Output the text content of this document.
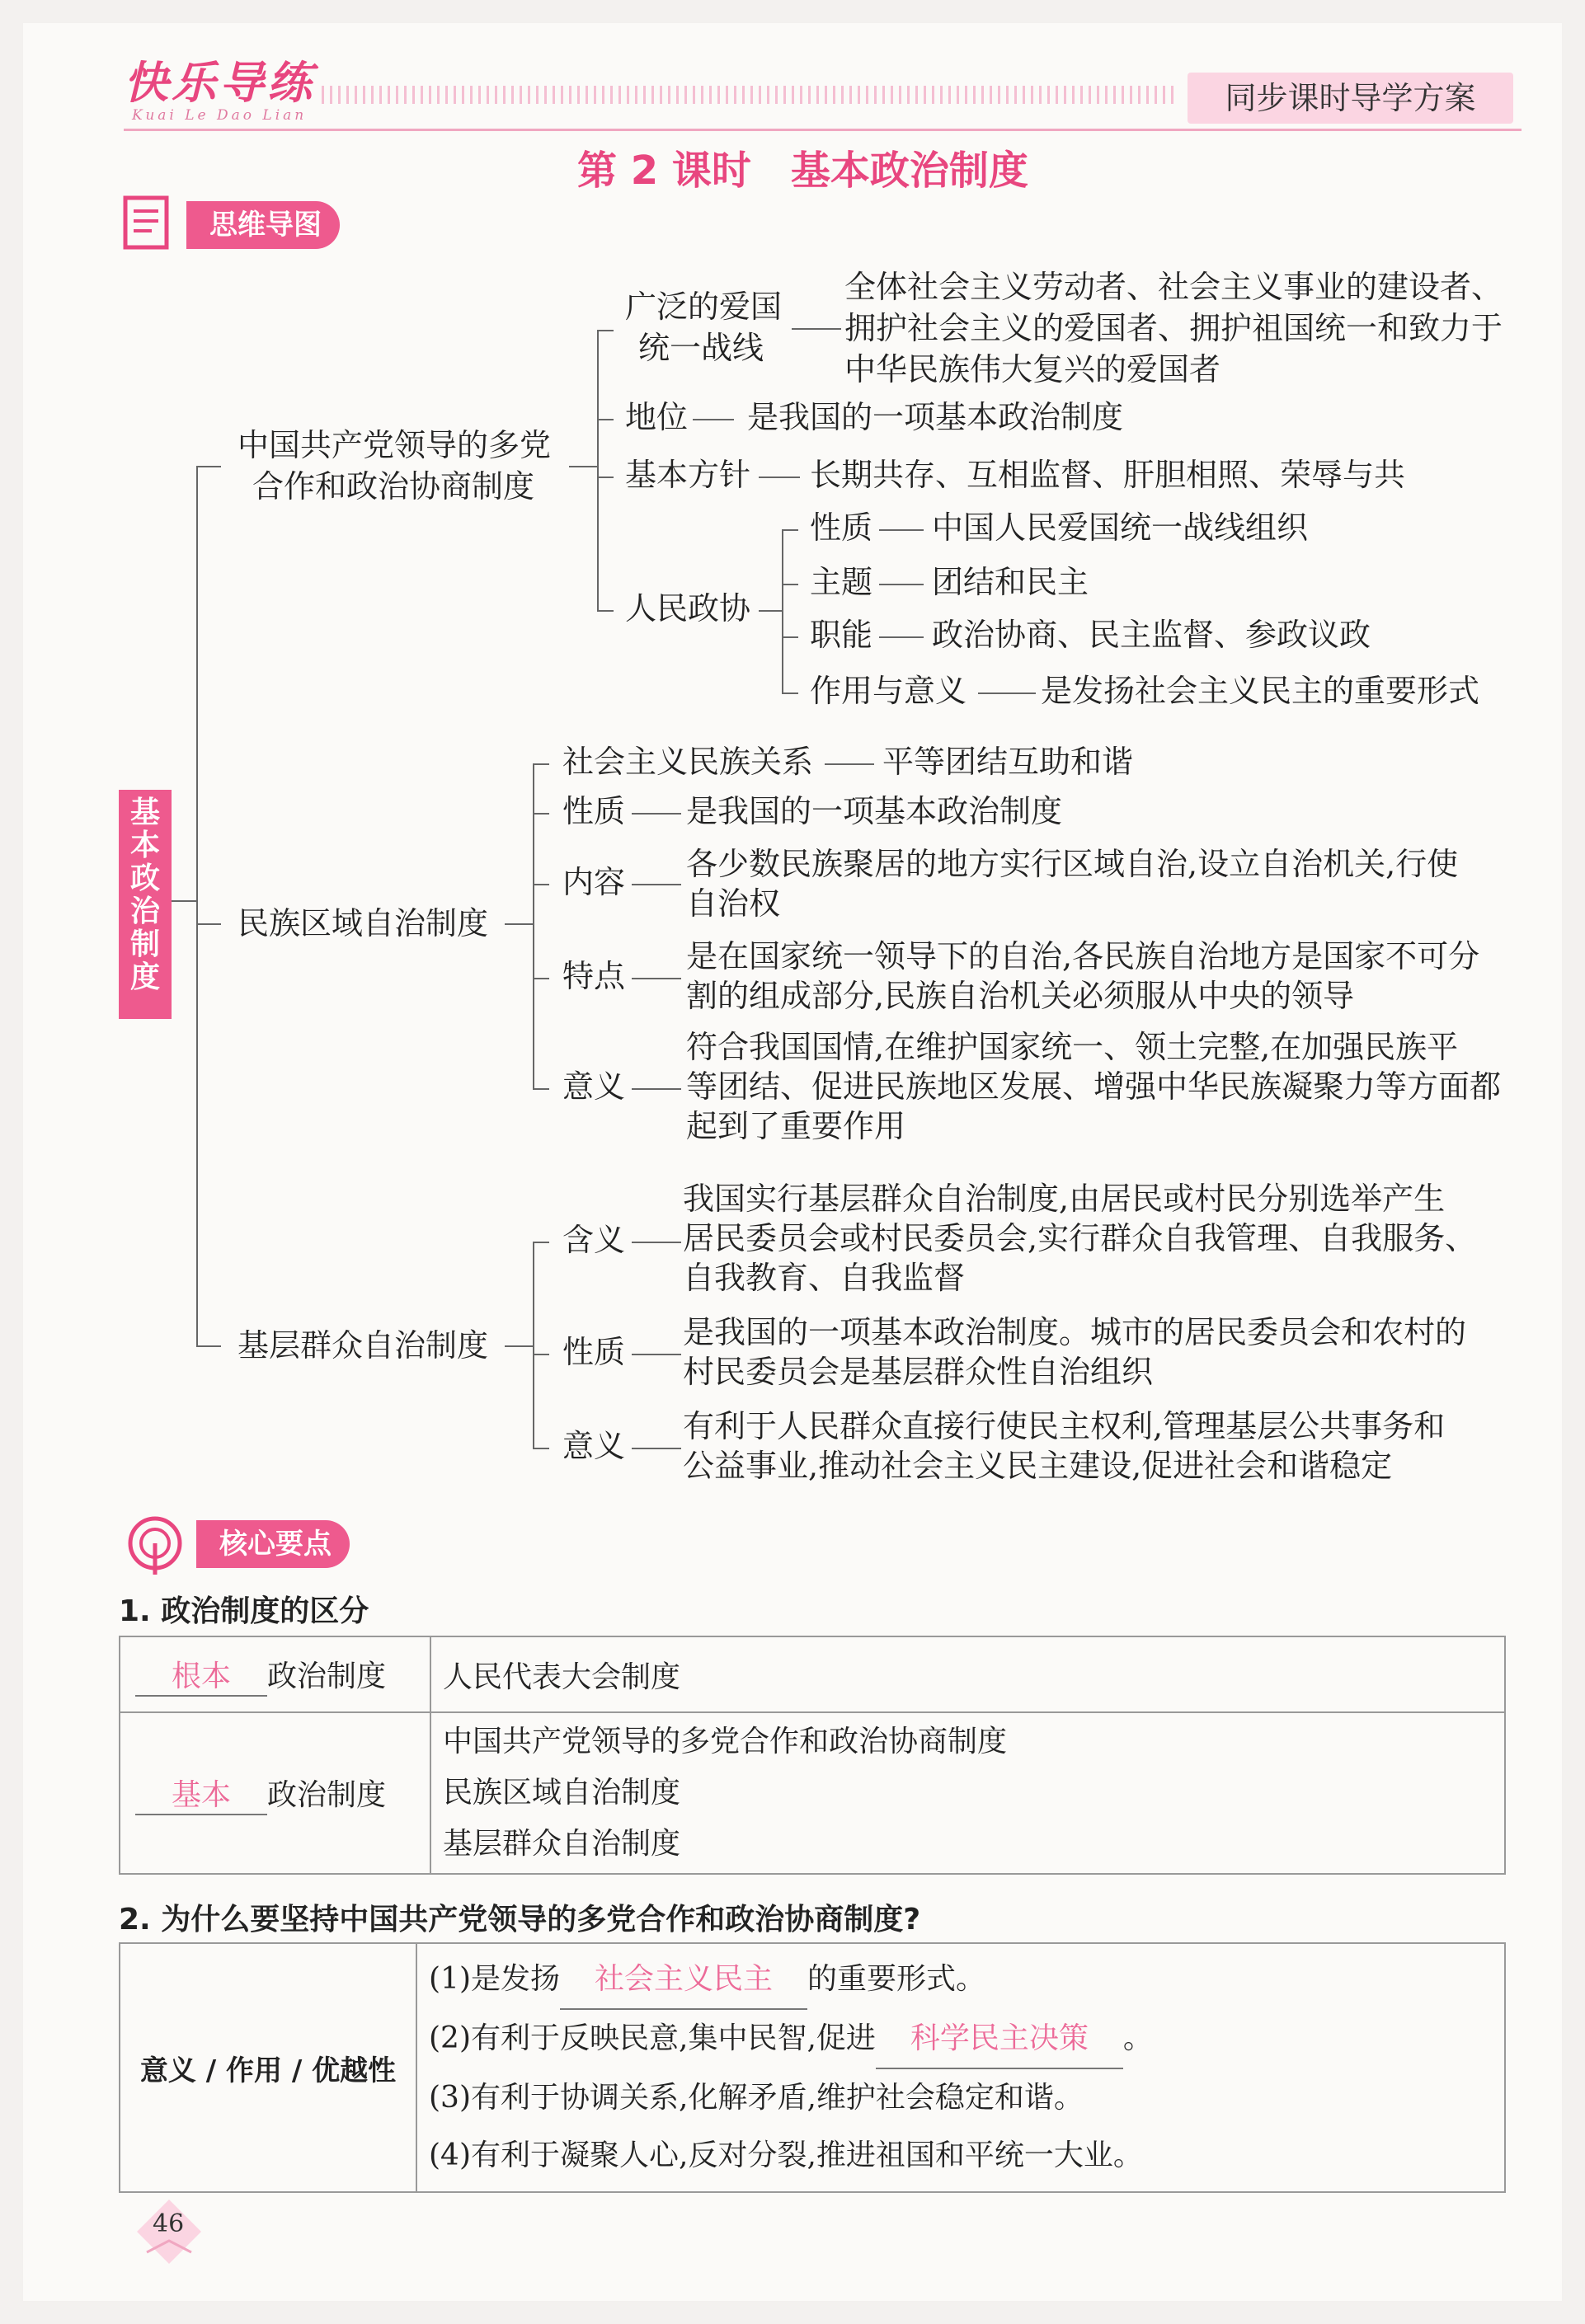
快乐导练
Kuai Le Dao Lian	同步课时导学方案
第 2 课时　基本政治制度
思维导图
基本政治制度
中国共产党领导的多党
合作和政治协商制度
广泛的爱国
统一战线
全体社会主义劳动者、社会主义事业的建设者、
拥护社会主义的爱国者、拥护祖国统一和致力于
中华民族伟大复兴的爱国者
地位 是我国的一项基本政治制度
基本方针 长期共存、互相监督、肝胆相照、荣辱与共
人民政协
性质 中国人民爱国统一战线组织
主题 团结和民主
职能 政治协商、民主监督、参政议政
作用与意义 是发扬社会主义民主的重要形式
民族区域自治制度
社会主义民族关系 平等团结互助和谐
性质 是我国的一项基本政治制度
内容 各少数民族聚居的地方实行区域自治,设立自治机关,行使
自治权
特点
是在国家统一领导下的自治,各民族自治地方是国家不可分
割的组成部分,民族自治机关必须服从中央的领导
意义
符合我国国情,在维护国家统一、领土完整,在加强民族平
等团结、促进民族地区发展、增强中华民族凝聚力等方面都
起到了重要作用
基层群众自治制度
含义
我国实行基层群众自治制度,由居民或村民分别选举产生
居民委员会或村民委员会,实行群众自我管理、自我服务、
自我教育、自我监督
性质
是我国的一项基本政治制度。城市的居民委员会和农村的
村民委员会是基层群众性自治组织
意义
有利于人民群众直接行使民主权利,管理基层公共事务和
公益事业,推动社会主义民主建设,促进社会和谐稳定
核心要点
1. 政治制度的区分
根本 政治制度	人民代表大会制度
基本 政治制度	中国共产党领导的多党合作和政治协商制度
民族区域自治制度
基层群众自治制度
2. 为什么要坚持中国共产党领导的多党合作和政治协商制度?
意义 / 作用 / 优越性	
(1)是发扬 社会主义民主 的重要形式。
(2)有利于反映民意,集中民智,促进 科学民主决策 。
(3)有利于协调关系,化解矛盾,维护社会稳定和谐。
(4)有利于凝聚人心,反对分裂,推进祖国和平统一大业。
46
